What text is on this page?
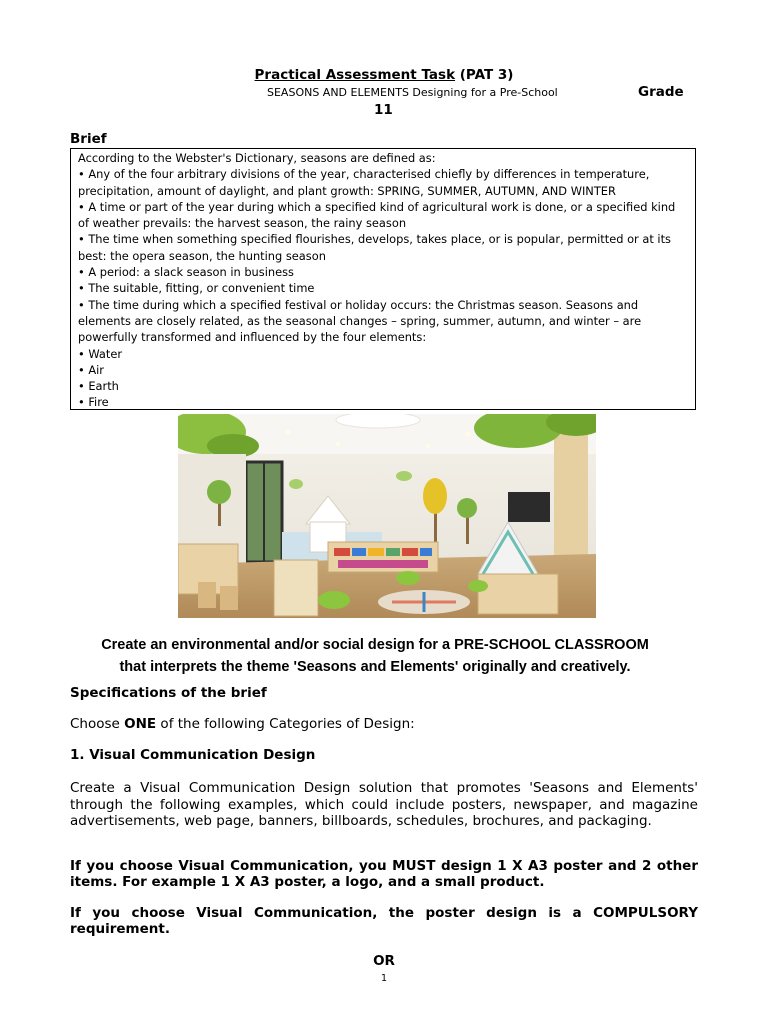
Practical Assessment Task (PAT 3)
SEASONS AND ELEMENTS Designing for a Pre-School	Grade
11
Brief

According to the Webster's Dictionary, seasons are defined as:

• Any of the four arbitrary divisions of the year, characterised chiefly by differences in temperature, precipitation, amount of daylight, and plant growth: SPRING, SUMMER, AUTUMN, AND WINTER

• A time or part of the year during which a specified kind of agricultural work is done, or a specified kind of weather prevails: the harvest season, the rainy season

• The time when something specified flourishes, develops, takes place, or is popular, permitted or at its best: the opera season, the hunting season

• A period: a slack season in business

• The suitable, fitting, or convenient time

• The time during which a specified festival or holiday occurs: the Christmas season. Seasons and elements are closely related, as the seasonal changes – spring, summer, autumn, and winter – are powerfully transformed and influenced by the four elements:

• Water

• Air

• Earth

• Fire

Create an environmental and/or social design for a PRE-SCHOOL CLASSROOM
that interprets the theme 'Seasons and Elements' originally and creatively.
Specifications of the brief
Choose ONE of the following Categories of Design:
1. Visual Communication Design
Create a Visual Communication Design solution that promotes 'Seasons and Elements' through the following examples, which could include posters, newspaper, and magazine advertisements, web page, banners, billboards, schedules, brochures, and packaging.
If you choose Visual Communication, you MUST design 1 X A3 poster and 2 other items. For example 1 X A3 poster, a logo, and a small product.
If you choose Visual Communication, the poster design is a COMPULSORY requirement.
OR
1
